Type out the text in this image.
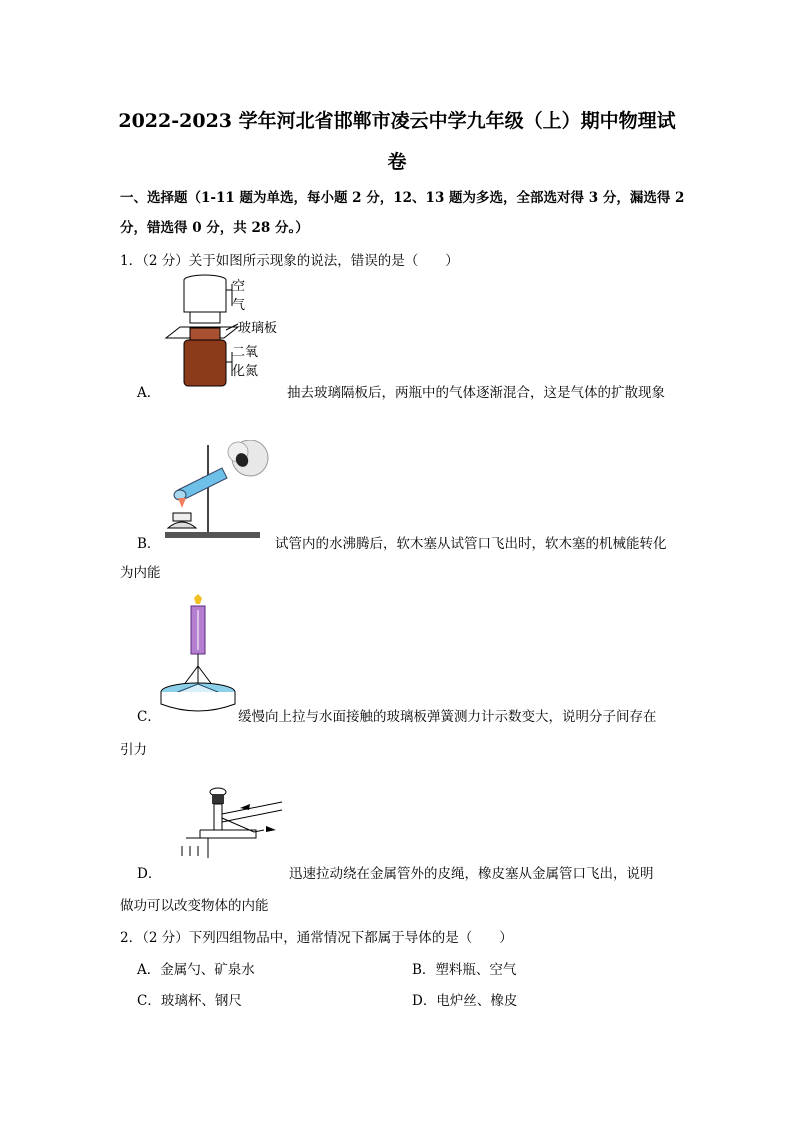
2022-2023 学年河北省邯郸市凌云中学九年级（上）期中物理试
卷
一、选择题（1-11 题为单选，每小题 2 分，12、13 题为多选，全部选对得 3 分，漏选得 2
分，错选得 0 分，共 28 分。）
1．（2 分）关于如图所示现象的说法，错误的是（　　）
空
气
玻璃板
二氧
化氮
A．	抽去玻璃隔板后，两瓶中的气体逐渐混合，这是气体的扩散现象
B．	试管内的水沸腾后，软木塞从试管口飞出时，软木塞的机械能转化
为内能
C．	缓慢向上拉与水面接触的玻璃板弹簧测力计示数变大，说明分子间存在
引力
D．	迅速拉动绕在金属管外的皮绳，橡皮塞从金属管口飞出，说明
做功可以改变物体的内能
2．（2 分）下列四组物品中，通常情况下都属于导体的是（　　）
A．金属勺、矿泉水	B．塑料瓶、空气
C．玻璃杯、钢尺	D．电炉丝、橡皮
